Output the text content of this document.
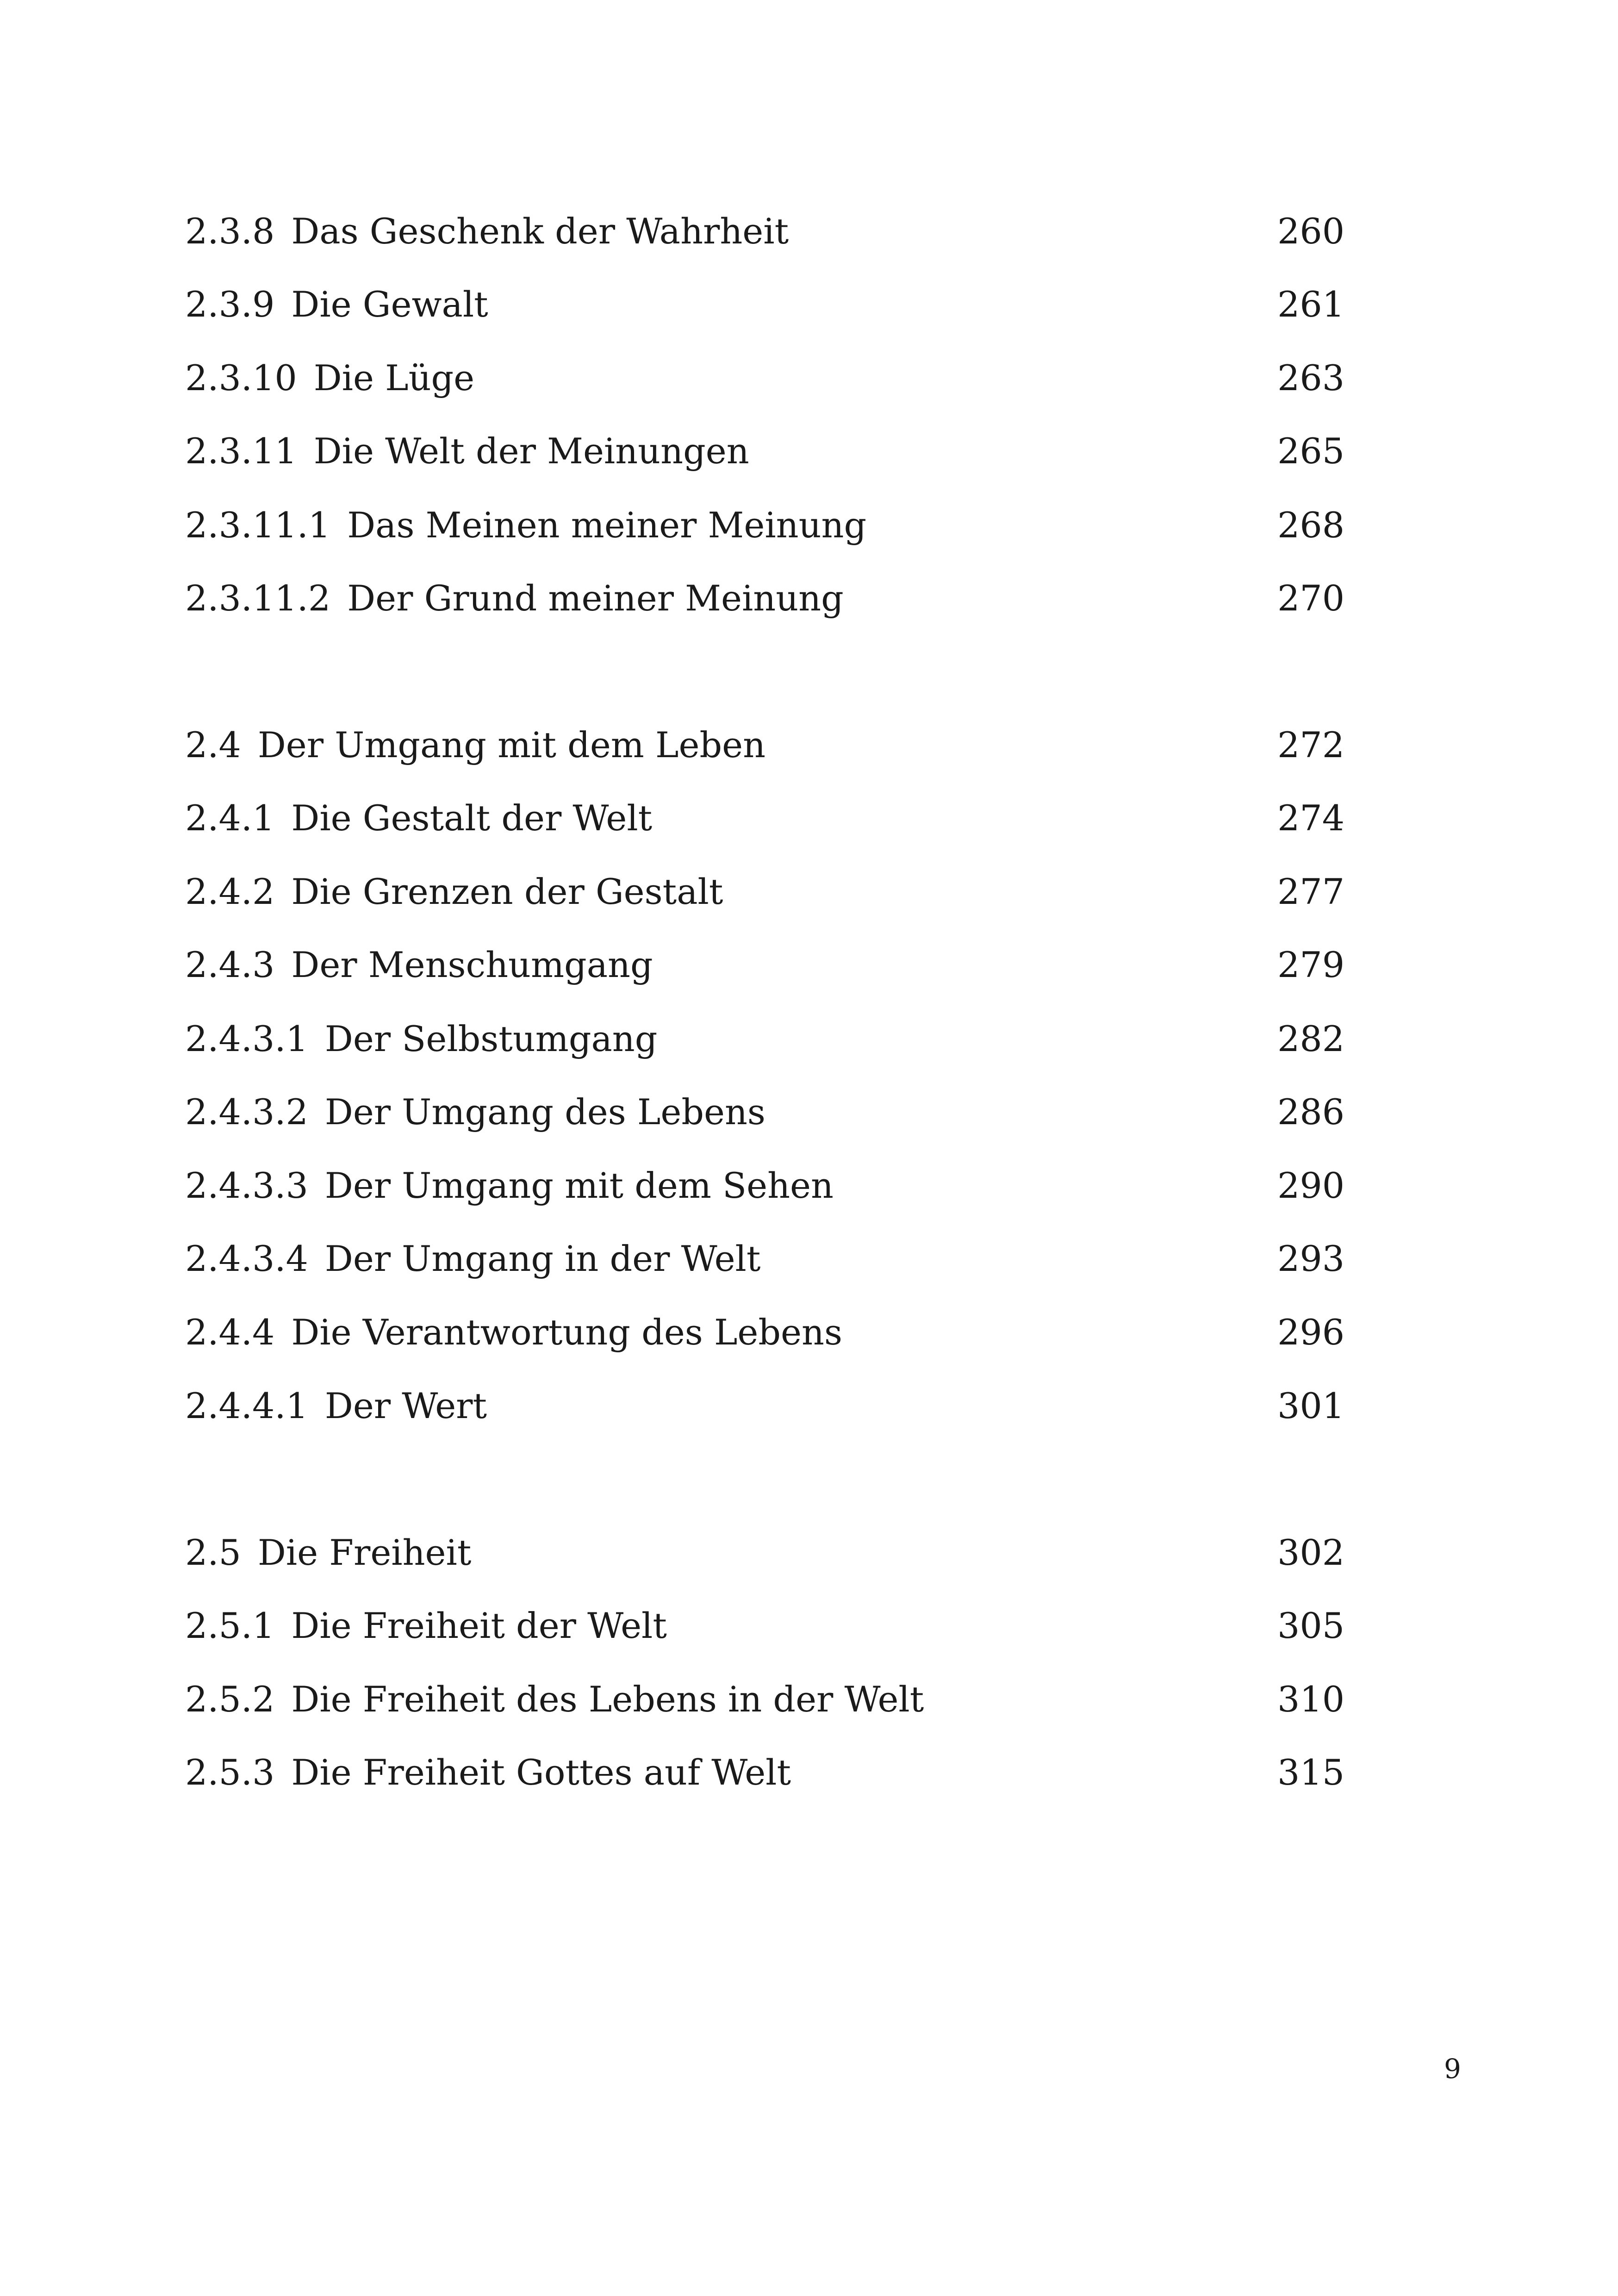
2.3.8 Das Geschenk der Wahrheit	260
2.3.9 Die Gewalt	261
2.3.10 Die Lüge	263
2.3.11 Die Welt der Meinungen	265
2.3.11.1 Das Meinen meiner Meinung	268
2.3.11.2 Der Grund meiner Meinung	270
2.4 Der Umgang mit dem Leben	272
2.4.1 Die Gestalt der Welt	274
2.4.2 Die Grenzen der Gestalt	277
2.4.3 Der Menschumgang	279
2.4.3.1 Der Selbstumgang	282
2.4.3.2 Der Umgang des Lebens	286
2.4.3.3 Der Umgang mit dem Sehen	290
2.4.3.4 Der Umgang in der Welt	293
2.4.4 Die Verantwortung des Lebens	296
2.4.4.1 Der Wert	301
2.5 Die Freiheit	302
2.5.1 Die Freiheit der Welt	305
2.5.2 Die Freiheit des Lebens in der Welt	310
2.5.3 Die Freiheit Gottes auf Welt	315
9
